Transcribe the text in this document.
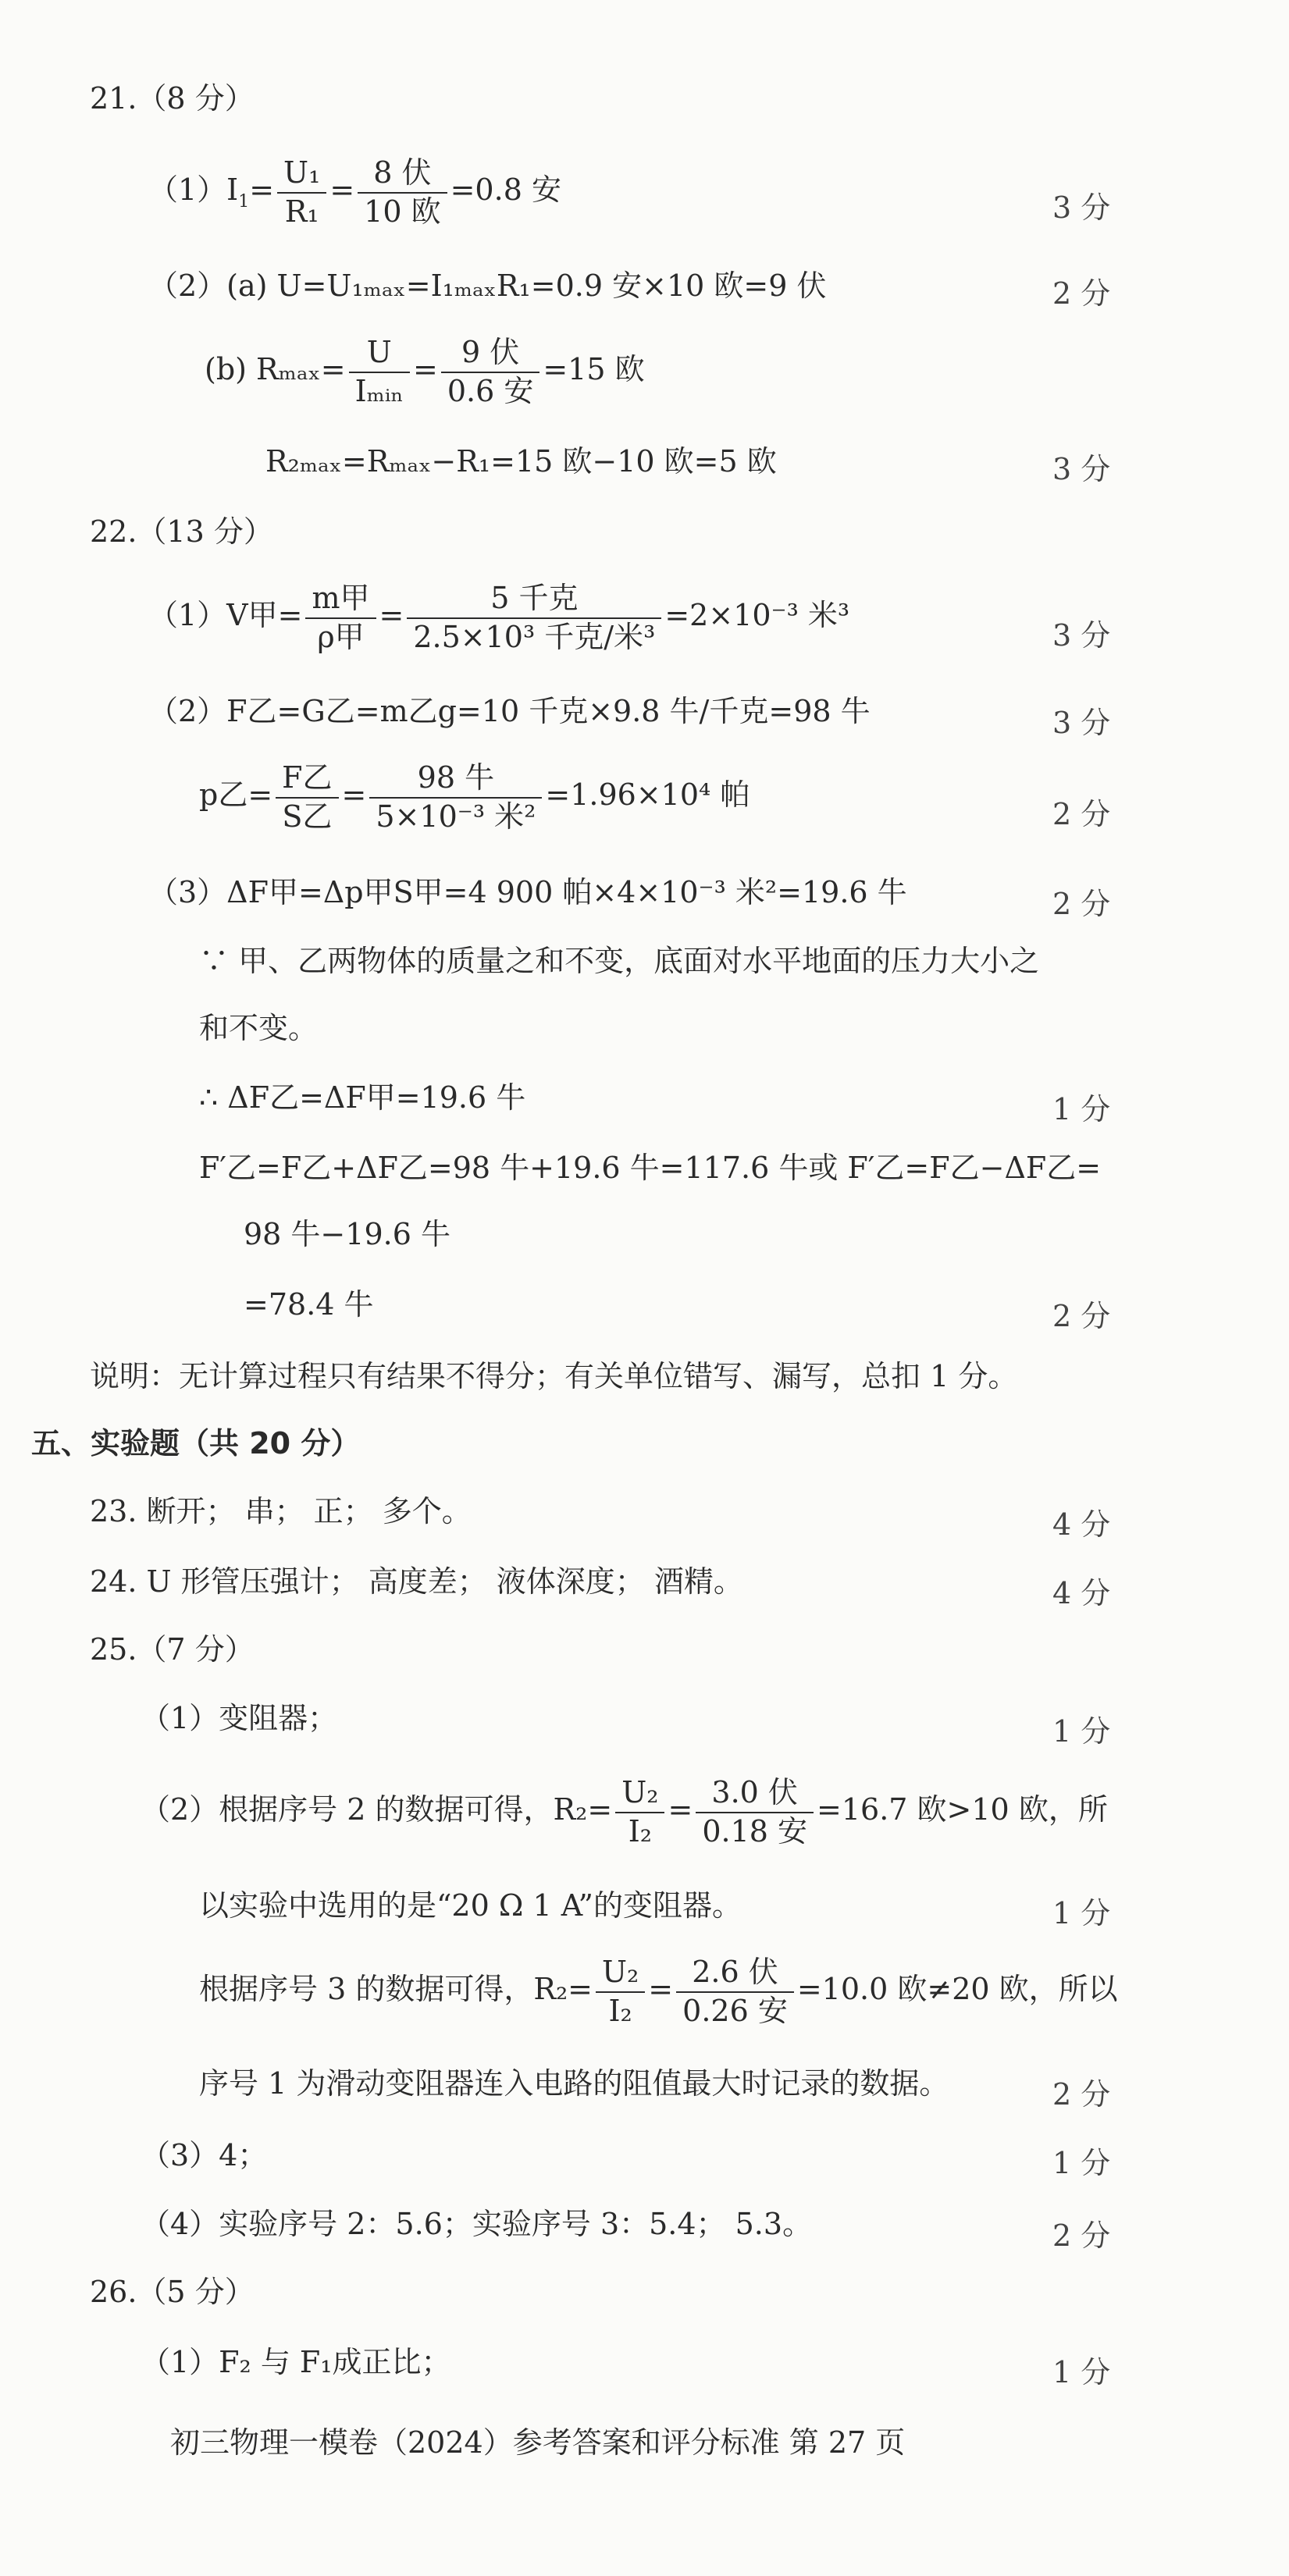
21.（8 分）
$(1)I_1= \frac{\text{U₁}}{\text{R₁}} = \frac{\text{8 伏}}{\text{10 欧}} =0.8$ 安
3 分
（2）(a) U=U₁ₘₐₓ=I₁ₘₐₓR₁=0.9 安×10 欧=9 伏	2 分
(b) $R_{max}= \frac{U}{\text{Iₘᵢₙ}} = \frac{\text{9 伏}}{\text{0.6 安}} =15$ 欧
R₂ₘₐₓ=Rₘₐₓ−R₁=15 欧−10 欧=5 欧	3 分
22.（13 分）
（1）V甲= $\frac{\text{m甲}}{\text{ρ甲}} = \frac{\text{5 千克}}{\text{2.5×10³ 千克/米³}} =2\times 10^{-3}$ 米³
3 分
（2）F乙=G乙=m乙g=10 千克×9.8 牛/千克=98 牛	3 分
p乙= $\frac{\text{F乙}}{\text{S乙}} = \frac{\text{98 牛}}{\text{5×10⁻³ 米²}} =1.96\times 10^4$ 帕
2 分
（3）ΔF甲=Δp甲S甲=4 900 帕×4×10⁻³ 米²=19.6 牛	2 分
∵ 甲、乙两物体的质量之和不变，底面对水平地面的压力大小之
和不变。
∴ ΔF乙=ΔF甲=19.6 牛	1 分
F′乙=F乙+ΔF乙=98 牛+19.6 牛=117.6 牛或 F′乙=F乙−ΔF乙=
98 牛−19.6 牛
=78.4 牛	2 分
说明：无计算过程只有结果不得分；有关单位错写、漏写，总扣 1 分。
五、实验题（共 20 分）
23. 断开； 串； 正； 多个。	4 分
24. U 形管压强计； 高度差； 液体深度； 酒精。	4 分
25.（7 分）
（1）变阻器；	1 分
（2）根据序号 2 的数据可得，$R_2= \frac{\text{U₂}}{\text{I₂}} = \frac{\text{3.0 伏}}{\text{0.18 安}} =16.7$ 欧>10 欧，所
以实验中选用的是“20 Ω 1 A”的变阻器。	1 分
根据序号 3 的数据可得，$R_2= \frac{\text{U₂}}{\text{I₂}} = \frac{\text{2.6 伏}}{\text{0.26 安}} =10.0$ 欧≠20 欧，所以
序号 1 为滑动变阻器连入电路的阻值最大时记录的数据。	2 分
（3）4；	1 分
（4）实验序号 2：5.6；实验序号 3：5.4； 5.3。	2 分
26.（5 分）
（1）F₂ 与 F₁成正比；	1 分
初三物理一模卷（2024）参考答案和评分标准 第 27 页
